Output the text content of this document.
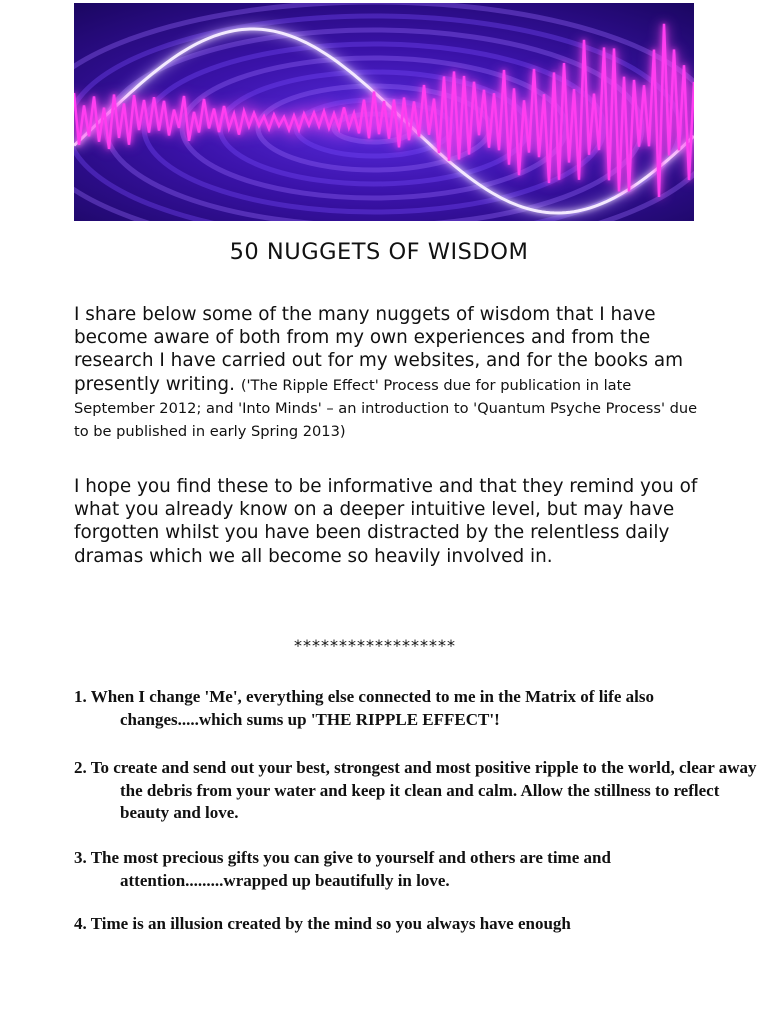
50 NUGGETS OF WISDOM
I share below some of the many nuggets of wisdom that I have become aware of both from my own experiences and from the research I have carried out for my websites, and for the books am presently writing. ('The Ripple Effect' Process due for publication in late September 2012; and 'Into Minds' – an introduction to 'Quantum Psyche Process' due to be published in early Spring 2013)
I hope you find these to be informative and that they remind you of what you already know on a deeper intuitive level, but may have forgotten whilst you have been distracted by the relentless daily dramas which we all become so heavily involved in.
******************
1. When I change 'Me', everything else connected to me in the Matrix of life also changes.....which sums up 'THE RIPPLE EFFECT'!
2. To create and send out your best, strongest and most positive ripple to the world, clear away the debris from your water and keep it clean and calm. Allow the stillness to reflect beauty and love.
3. The most precious gifts you can give to yourself and others are time and attention.........wrapped up beautifully in love.
4. Time is an illusion created by the mind so you always have enough
